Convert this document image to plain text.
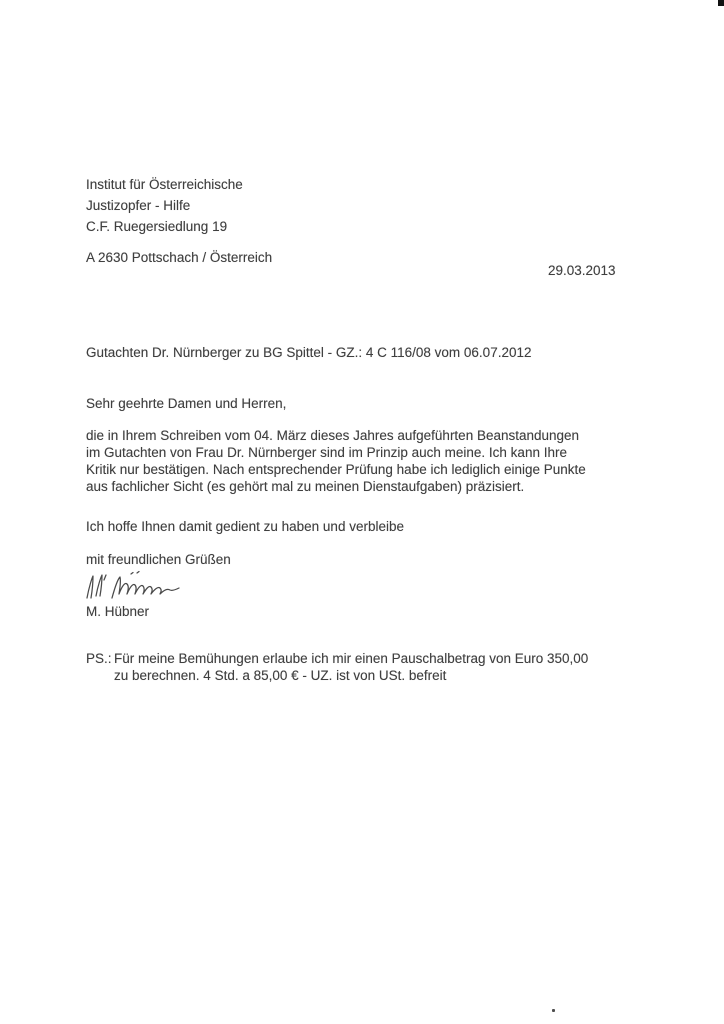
Institut für Österreichische
Justizopfer - Hilfe
C.F. Ruegersiedlung 19
A 2630 Pottschach / Österreich
29.03.2013
Gutachten Dr. Nürnberger zu BG Spittel - GZ.: 4 C 116/08 vom 06.07.2012
Sehr geehrte Damen und Herren,
die in Ihrem Schreiben vom 04. März dieses Jahres aufgeführten Beanstandungen
im Gutachten von Frau Dr. Nürnberger sind im Prinzip auch meine. Ich kann Ihre
Kritik nur bestätigen. Nach entsprechender Prüfung habe ich lediglich einige Punkte
aus fachlicher Sicht (es gehört mal zu meinen Dienstaufgaben) präzisiert.
Ich hoffe Ihnen damit gedient zu haben und verbleibe
mit freundlichen Grüßen
M. Hübner
PS.: Für meine Bemühungen erlaube ich mir einen Pauschalbetrag von Euro 350,00
zu berechnen. 4 Std. a 85,00 € - UZ. ist von USt. befreit
